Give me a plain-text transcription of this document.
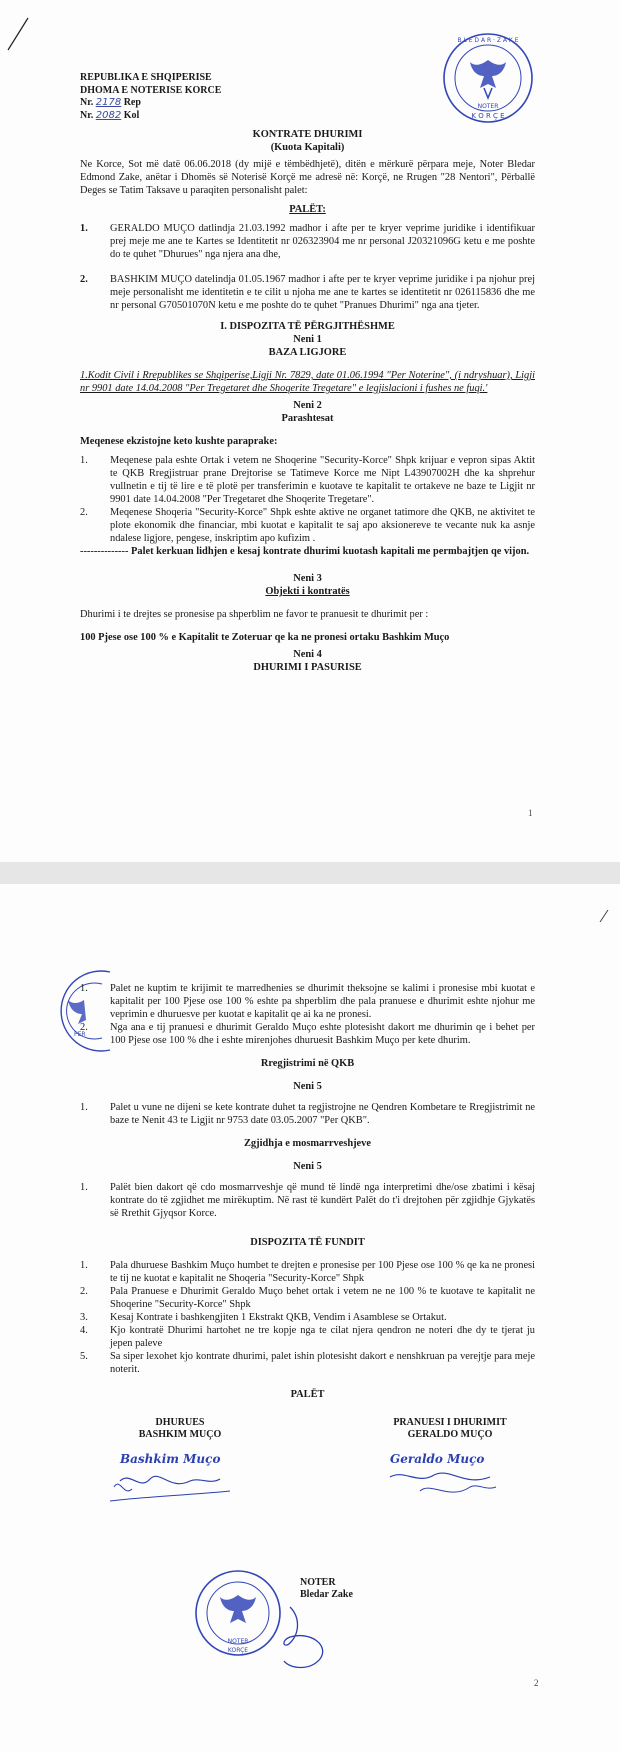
B L E D A R · Z A K E
K O R Ç E
NOTER
REPUBLIKA E SHQIPERISE
DHOMA E NOTERISE KORCE
Nr. 2178 Rep
Nr. 2082 Kol

KONTRATE DHURIMI

(Kuota Kapitali)

Ne Korce, Sot më datë 06.06.2018 (dy mijë e tëmbëdhjetë), ditën e mërkurë përpara meje, Noter Bledar Edmond Zake, anëtar i Dhomës së Noterisë Korçë me adresë në: Korçë, ne Rrugen "28 Nentori", Përballë Deges se Tatim Taksave u paraqiten personalisht palet:

PALËT:

1. GERALDO MUÇO datlindja 21.03.1992 madhor i afte per te kryer veprime juridike i identifikuar prej meje me ane te Kartes se Identitetit nr 026323904 me nr personal J20321096G ketu e me poshte do te quhet "Dhurues" nga njera ana dhe,
2. BASHKIM MUÇO datelindja 01.05.1967 madhor i afte per te kryer veprime juridike i pa njohur prej meje personalisht me identitetin e te cilit u njoha me ane te kartes se identitetit nr 026115836 dhe me nr personal G70501070N ketu e me poshte do te quhet "Pranues Dhurimi" nga ana tjeter.

I. DISPOZITA TË PËRGJITHËSHME

Neni 1

BAZA LIGJORE

1.Kodit Civil i Rrepublikes se Shqiperise,Ligji Nr. 7829, date 01.06.1994 "Per Noterine", (i ndryshuar), Ligji nr 9901 date 14.04.2008 "Per Tregetaret dhe Shoqerite Tregetare" e legjislacioni i fushes ne fuqi.'

Neni 2

Parashtesat

Meqenese ekzistojne keto kushte paraprake:

1. Meqenese pala eshte Ortak i vetem ne Shoqerine "Security-Korce" Shpk krijuar e vepron sipas Aktit te QKB Rregjistruar prane Drejtorise se Tatimeve Korce me Nipt L43907002H dhe ka shprehur vullnetin e tij të lire e të plotë per transferimin e kuotave te kapitalit te ortakeve ne baze te Ligjit nr 9901 date 14.04.2008 "Per Tregetaret dhe Shoqerite Tregetare".
2. Meqenese Shoqeria "Security-Korce" Shpk eshte aktive ne organet tatimore dhe QKB, ne aktivitet te plote ekonomik dhe financiar, mbi kuotat e kapitalit te saj apo aksionereve te vecante nuk ka asnje ndalese ligjore, pengese, inskriptim apo kufizim .

-------------- Palet kerkuan lidhjen e kesaj kontrate dhurimi kuotash kapitali me permbajtjen qe vijon.

Neni 3

Objekti i kontratës

Dhurimi i te drejtes se pronesise pa shperblim ne favor te pranuesit te dhurimit per :

100 Pjese ose 100 % e Kapitalit te Zoteruar qe ka ne pronesi ortaku Bashkim Muço

Neni 4

DHURIMI I PASURISE

1
PER
1. Palet ne kuptim te krijimit te marredhenies se dhurimit theksojne se kalimi i pronesise mbi kuotat e kapitalit per 100 Pjese ose 100 % eshte pa shperblim dhe pala pranuese e dhurimit eshte njohur me veprimin e dhuruesve per kuotat e kapitalit qe ai ka ne pronesi.
2. Nga ana e tij pranuesi e dhurimit Geraldo Muço eshte plotesisht dakort me dhurimin qe i behet per 100 Pjese ose 100 % dhe i eshte mirenjohes dhuruesit Bashkim Muço per kete dhurim.

Rregjistrimi në QKB

Neni 5

1. Palet u vune ne dijeni se kete kontrate duhet ta regjistrojne ne Qendren Kombetare te Rregjistrimit ne baze te Nenit 43 te Ligjit nr 9753 date 03.05.2007 "Per QKB".

Zgjidhja e mosmarrveshjeve

Neni 5

1. Palët bien dakort që cdo mosmarrveshje që mund të lindë nga interpretimi dhe/ose zbatimi i kësaj kontrate do të zgjidhet me mirëkuptim. Në rast të kundërt Palët do t'i drejtohen për zgjidhje Gjykatës së Rrethit Gjyqsor Korce.

DISPOZITA TË FUNDIT

1. Pala dhuruese Bashkim Muço humbet te drejten e pronesise per 100 Pjese ose 100 % qe ka ne pronesi te tij ne kuotat e kapitalit ne Shoqeria "Security-Korce" Shpk
2. Pala Pranuese e Dhurimit Geraldo Muço behet ortak i vetem ne ne 100 % te kuotave te kapitalit ne Shoqerine "Security-Korce" Shpk
3. Kesaj Kontrate i bashkengjiten 1 Ekstrakt QKB, Vendim i Asamblese se Ortakut.
4. Kjo kontratë Dhurimi hartohet ne tre kopje nga te cilat njera qendron ne noteri dhe dy te tjerat ju jepen paleve
5. Sa siper lexohet kjo kontrate dhurimi, palet ishin plotesisht dakort e nenshkruan pa verejtje para meje noterit.

PALËT

DHURUES
BASHKIM MUÇO
Bashkim Muço
PRANUESI I DHURIMIT
GERALDO MUÇO
Geraldo Muço
NOTER
KORÇE
NOTER
Bledar Zake
2
